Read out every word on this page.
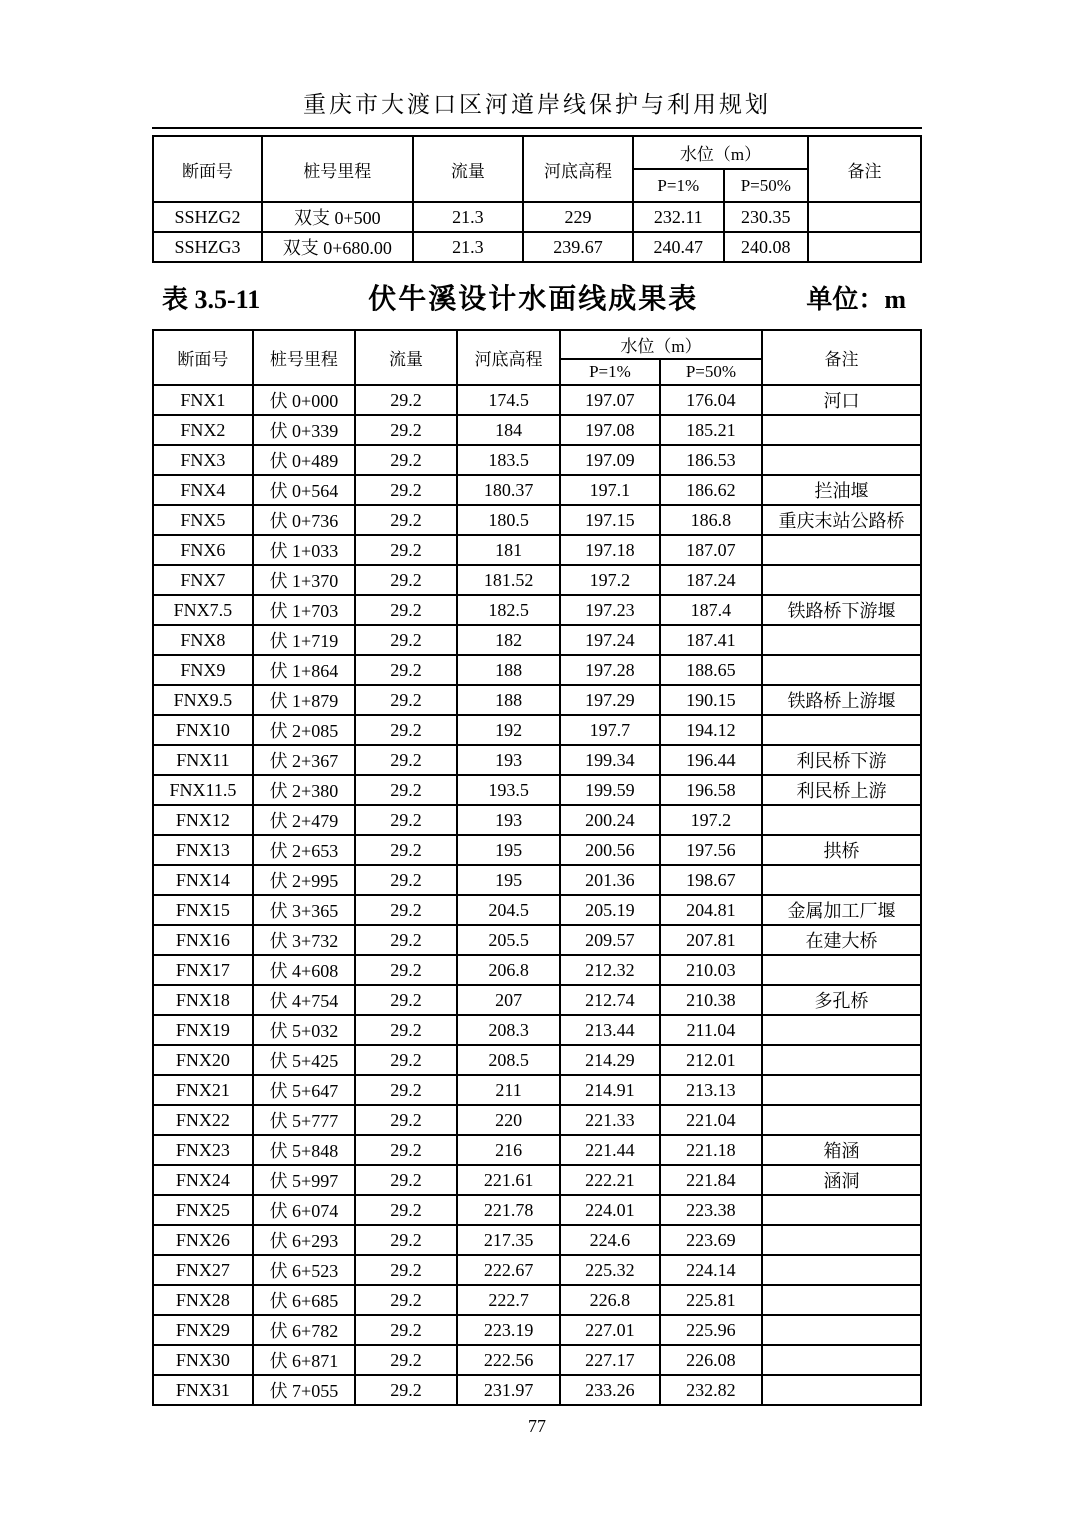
重庆市大渡口区河道岸线保护与利用规划
断面号	桩号里程	流量	河底高程	水位（m）		备注
				P=1%	P=50%	
SSHZG2	双支 0+500	21.3	229	232.11	230.35	
SSHZG3	双支 0+680.00	21.3	239.67	240.47	240.08	
表 3.5-11	伏牛溪设计水面线成果表	单位：m
断面号	桩号里程	流量	河底高程	水位（m）		备注
				P=1%	P=50%	
FNX1	伏 0+000	29.2	174.5	197.07	176.04	河口
FNX2	伏 0+339	29.2	184	197.08	185.21	
FNX3	伏 0+489	29.2	183.5	197.09	186.53	
FNX4	伏 0+564	29.2	180.37	197.1	186.62	拦油堰
FNX5	伏 0+736	29.2	180.5	197.15	186.8	重庆末站公路桥
FNX6	伏 1+033	29.2	181	197.18	187.07	
FNX7	伏 1+370	29.2	181.52	197.2	187.24	
FNX7.5	伏 1+703	29.2	182.5	197.23	187.4	铁路桥下游堰
FNX8	伏 1+719	29.2	182	197.24	187.41	
FNX9	伏 1+864	29.2	188	197.28	188.65	
FNX9.5	伏 1+879	29.2	188	197.29	190.15	铁路桥上游堰
FNX10	伏 2+085	29.2	192	197.7	194.12	
FNX11	伏 2+367	29.2	193	199.34	196.44	利民桥下游
FNX11.5	伏 2+380	29.2	193.5	199.59	196.58	利民桥上游
FNX12	伏 2+479	29.2	193	200.24	197.2	
FNX13	伏 2+653	29.2	195	200.56	197.56	拱桥
FNX14	伏 2+995	29.2	195	201.36	198.67	
FNX15	伏 3+365	29.2	204.5	205.19	204.81	金属加工厂堰
FNX16	伏 3+732	29.2	205.5	209.57	207.81	在建大桥
FNX17	伏 4+608	29.2	206.8	212.32	210.03	
FNX18	伏 4+754	29.2	207	212.74	210.38	多孔桥
FNX19	伏 5+032	29.2	208.3	213.44	211.04	
FNX20	伏 5+425	29.2	208.5	214.29	212.01	
FNX21	伏 5+647	29.2	211	214.91	213.13	
FNX22	伏 5+777	29.2	220	221.33	221.04	
FNX23	伏 5+848	29.2	216	221.44	221.18	箱涵
FNX24	伏 5+997	29.2	221.61	222.21	221.84	涵洞
FNX25	伏 6+074	29.2	221.78	224.01	223.38	
FNX26	伏 6+293	29.2	217.35	224.6	223.69	
FNX27	伏 6+523	29.2	222.67	225.32	224.14	
FNX28	伏 6+685	29.2	222.7	226.8	225.81	
FNX29	伏 6+782	29.2	223.19	227.01	225.96	
FNX30	伏 6+871	29.2	222.56	227.17	226.08	
FNX31	伏 7+055	29.2	231.97	233.26	232.82	
77
